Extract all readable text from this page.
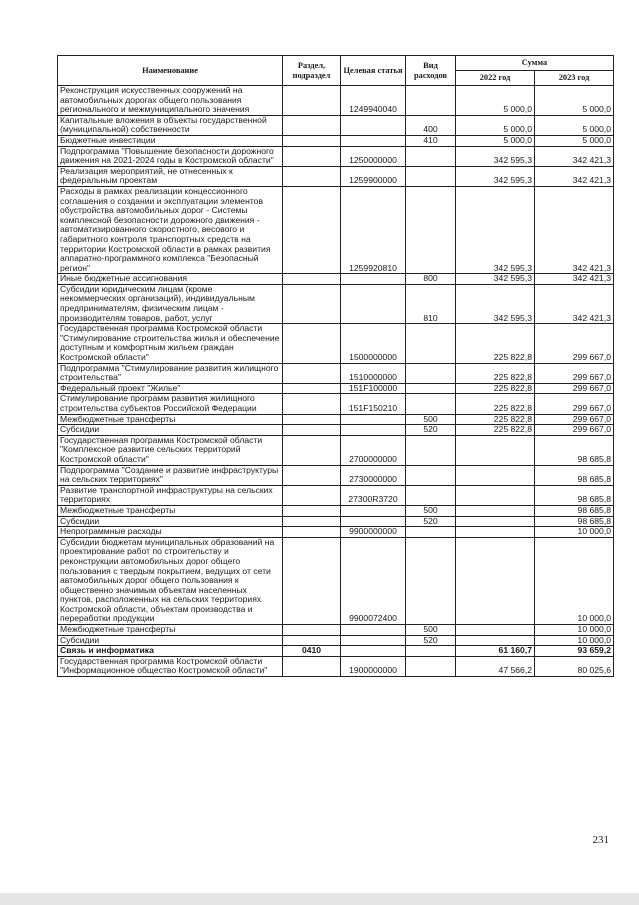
Наименование	Раздел, подраздел	Целевая статья	Вид расходов	Сумма	
				2022 год	2023 год
Реконструкция искусственных сооружений на автомобильных дорогах общего пользования регионального и межмуниципального значения		1249940040		5 000,0	5 000,0
Капитальные вложения в объекты государственной (муниципальной) собственности			400	5 000,0	5 000,0
Бюджетные инвестиции			410	5 000,0	5 000,0
Подпрограмма "Повышение безопасности дорожного движения на 2021-2024 годы в Костромской области"		1250000000		342 595,3	342 421,3
Реализация мероприятий, не отнесенных к федеральным проектам		1259900000		342 595,3	342 421,3
Расходы в рамках реализации концессионного соглашения о создании и эксплуатации элементов обустройства автомобильных дорог - Системы комплексной безопасности дорожного движения - автоматизированного скоростного, весового и габаритного контроля транспортных средств на территории Костромской области в рамках развития аппаратно-программного комплекса "Безопасный регион"		1259920810		342 595,3	342 421,3
Иные бюджетные ассигнования			800	342 595,3	342 421,3
Субсидии юридическим лицам (кроме некоммерческих организаций), индивидуальным предпринимателям, физическим лицам - производителям товаров, работ, услуг			810	342 595,3	342 421,3
Государственная программа Костромской области "Стимулирование строительства жилья и обеспечение доступным и комфортным жильем граждан Костромской области"		1500000000		225 822,8	299 667,0
Подпрограмма "Стимулирование развития жилищного строительства"		1510000000		225 822,8	299 667,0
Федеральный проект "Жилье"		151F100000		225 822,8	299 667,0
Стимулирование программ развития жилищного строительства субъектов Российской Федерации		151F150210		225 822,8	299 667,0
Межбюджетные трансферты			500	225 822,8	299 667,0
Субсидии			520	225 822,8	299 667,0
Государственная программа Костромской области "Комплексное развитие сельских территорий Костромской области"		2700000000			98 685,8
Подпрограмма "Создание и развитие инфраструктуры на сельских территориях"		2730000000			98 685,8
Развитие транспортной инфраструктуры на сельских территориях		27300R3720			98 685,8
Межбюджетные трансферты			500		98 685,8
Субсидии			520		98 685,8
Непрограммные расходы		9900000000			10 000,0
Субсидии бюджетам муниципальных образований на проектирование работ по строительству и реконструкции автомобильных дорог общего пользования с твердым покрытием, ведущих от сети автомобильных дорог общего пользования к общественно значимым объектам населенных пунктов, расположенных на сельских территориях Костромской области, объектам производства и переработки продукции		9900072400			10 000,0
Межбюджетные трансферты			500		10 000,0
Субсидии			520		10 000,0
Связь и информатика	0410			61 160,7	93 659,2
Государственная программа Костромской области "Информационное общество Костромской области"		1900000000		47 566,2	80 025,6
231
